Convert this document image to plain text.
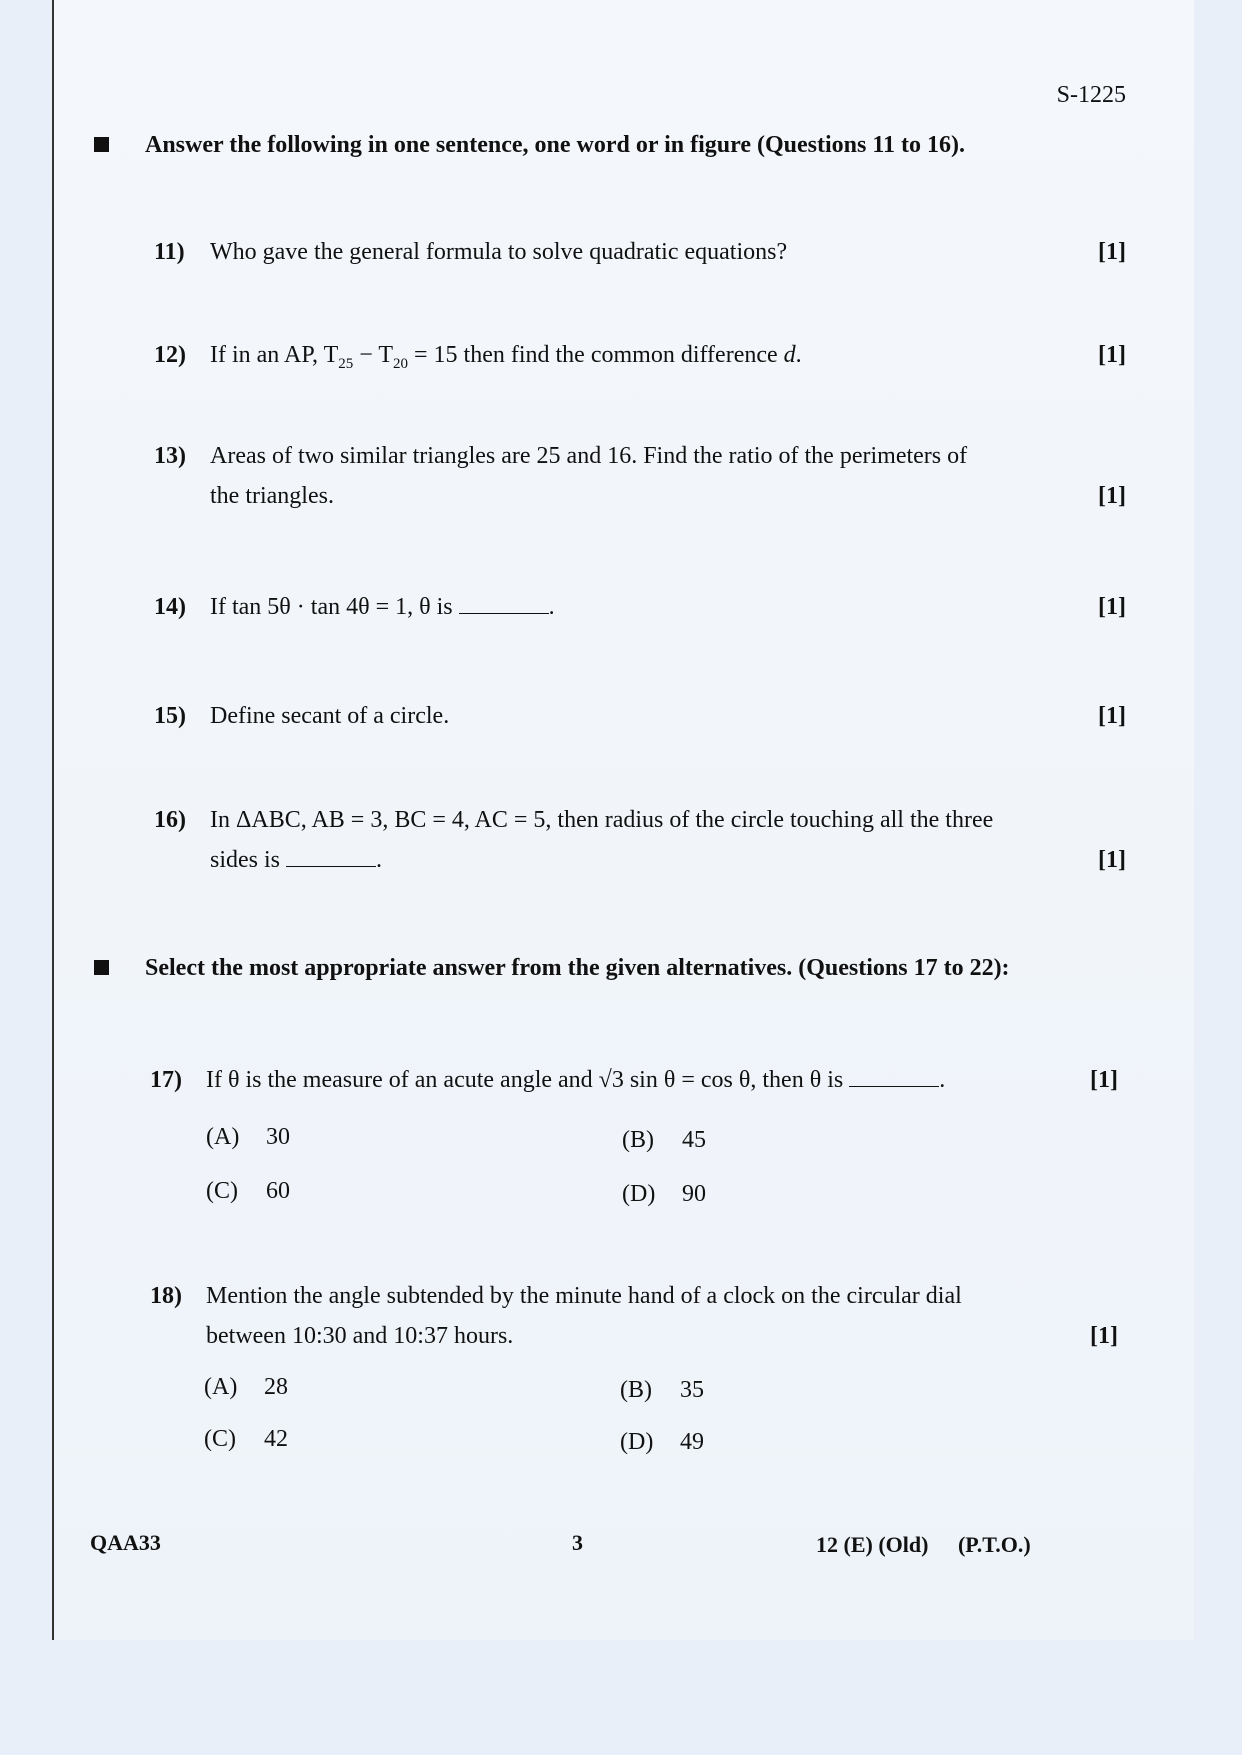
S-1225
Answer the following in one sentence, one word or in figure (Questions 11 to 16).
11) Who gave the general formula to solve quadratic equations?	[1]
12) If in an AP, $T_{25} - T_{20} = 15$ then find the common difference d.	[1]
13) Areas of two similar triangles are 25 and 16. Find the ratio of the perimeters of
the triangles.	[1]
14) If tan 5θ · tan 4θ = 1, θ is	.	[1]
15) Define secant of a circle.	[1]
16) In ΔABC, AB = 3, BC = 4, AC = 5, then radius of the circle touching all the three
sides is	.	[1]
Select the most appropriate answer from the given alternatives. (Questions 17 to 22):
17) If θ is the measure of an acute angle and √3 sin θ = cos θ, then θ is	.	[1]
(A) 30	(B) 45
(C) 60	(D) 90
18) Mention the angle subtended by the minute hand of a clock on the circular dial
between 10:30 and 10:37 hours.	[1]
(A) 28	(B) 35
(C) 42	(D) 49
QAA33	3	12 (E) (Old) (P.T.O.)
